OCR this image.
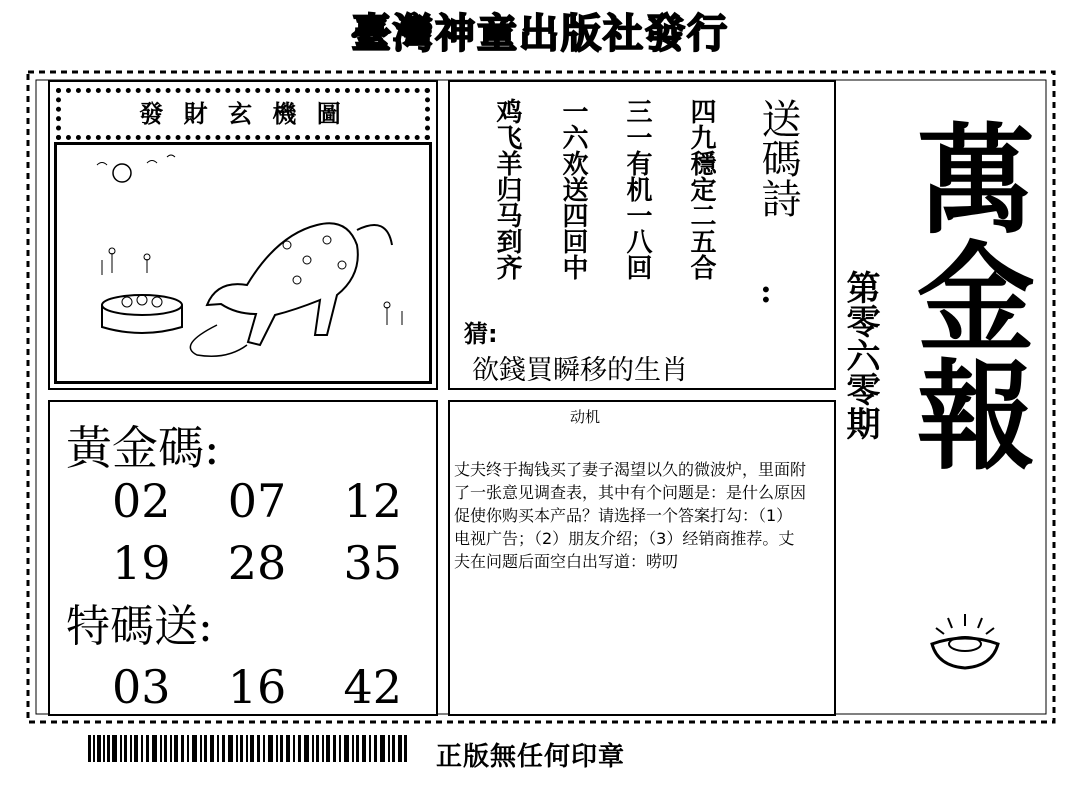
臺灣神童出版社發行
發 財 玄 機 圖	鸡飞羊归马到齐 一六欢送四回中 三一有机一八回 四九穩定二五合 送碼詩
:
猜:
欲錢買瞬移的生肖
黃金碼:
02 07 12
19 28 35
特碼送:
03 16 42
动机
丈夫终于掏钱买了妻子渴望以久的微波炉，里面附了一张意见调查表，其中有个问题是：是什么原因促使你购买本产品？请选择一个答案打勾：（1）电视广告；（2）朋友介绍；（3）经销商推荐。丈夫在问题后面空白出写道：唠叨
萬金報
第零六零期
正版無任何印章
